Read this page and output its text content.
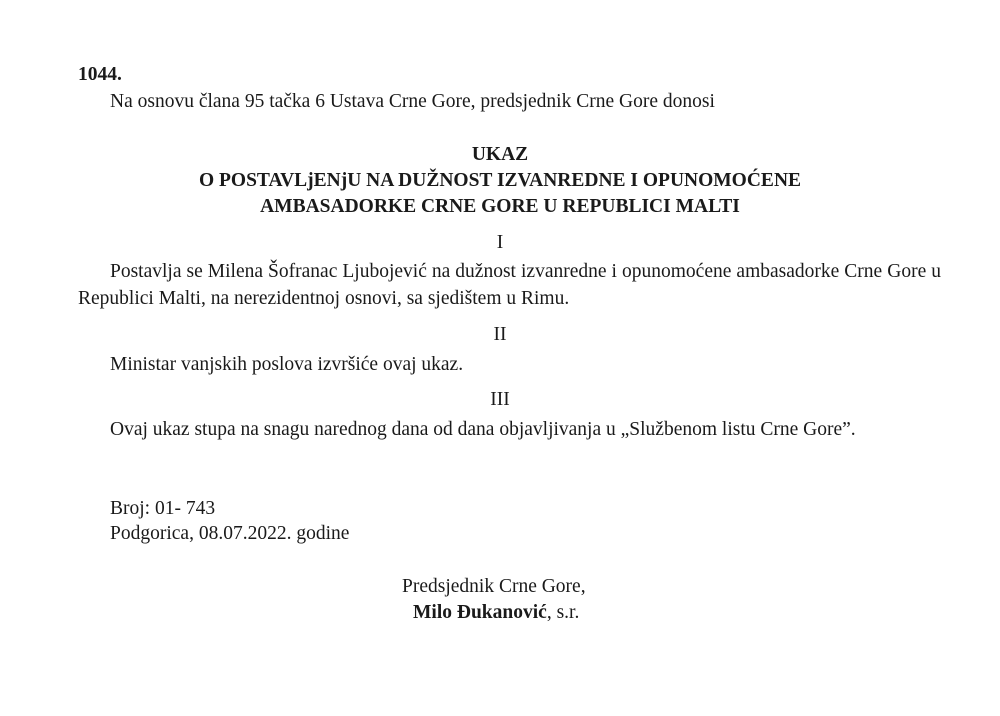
1044.
Na osnovu člana 95 tačka 6 Ustava Crne Gore, predsjednik Crne Gore donosi
UKAZ
O POSTAVLjENjU NA DUŽNOST IZVANREDNE I OPUNOMOĆENE
AMBASADORKE CRNE GORE U REPUBLICI MALTI
I
Postavlja se Milena Šofranac Ljubojević na dužnost izvanredne i opunomoćene ambasadorke Crne Gore u Republici Malti, na nerezidentnoj osnovi, sa sjedištem u Rimu.
II
Ministar vanjskih poslova izvršiće ovaj ukaz.
III
Ovaj ukaz stupa na snagu narednog dana od dana objavljivanja u „Službenom listu Crne Gore”.
Broj: 01- 743
Podgorica, 08.07.2022. godine
Predsjednik Crne Gore,
Milo Đukanović, s.r.
